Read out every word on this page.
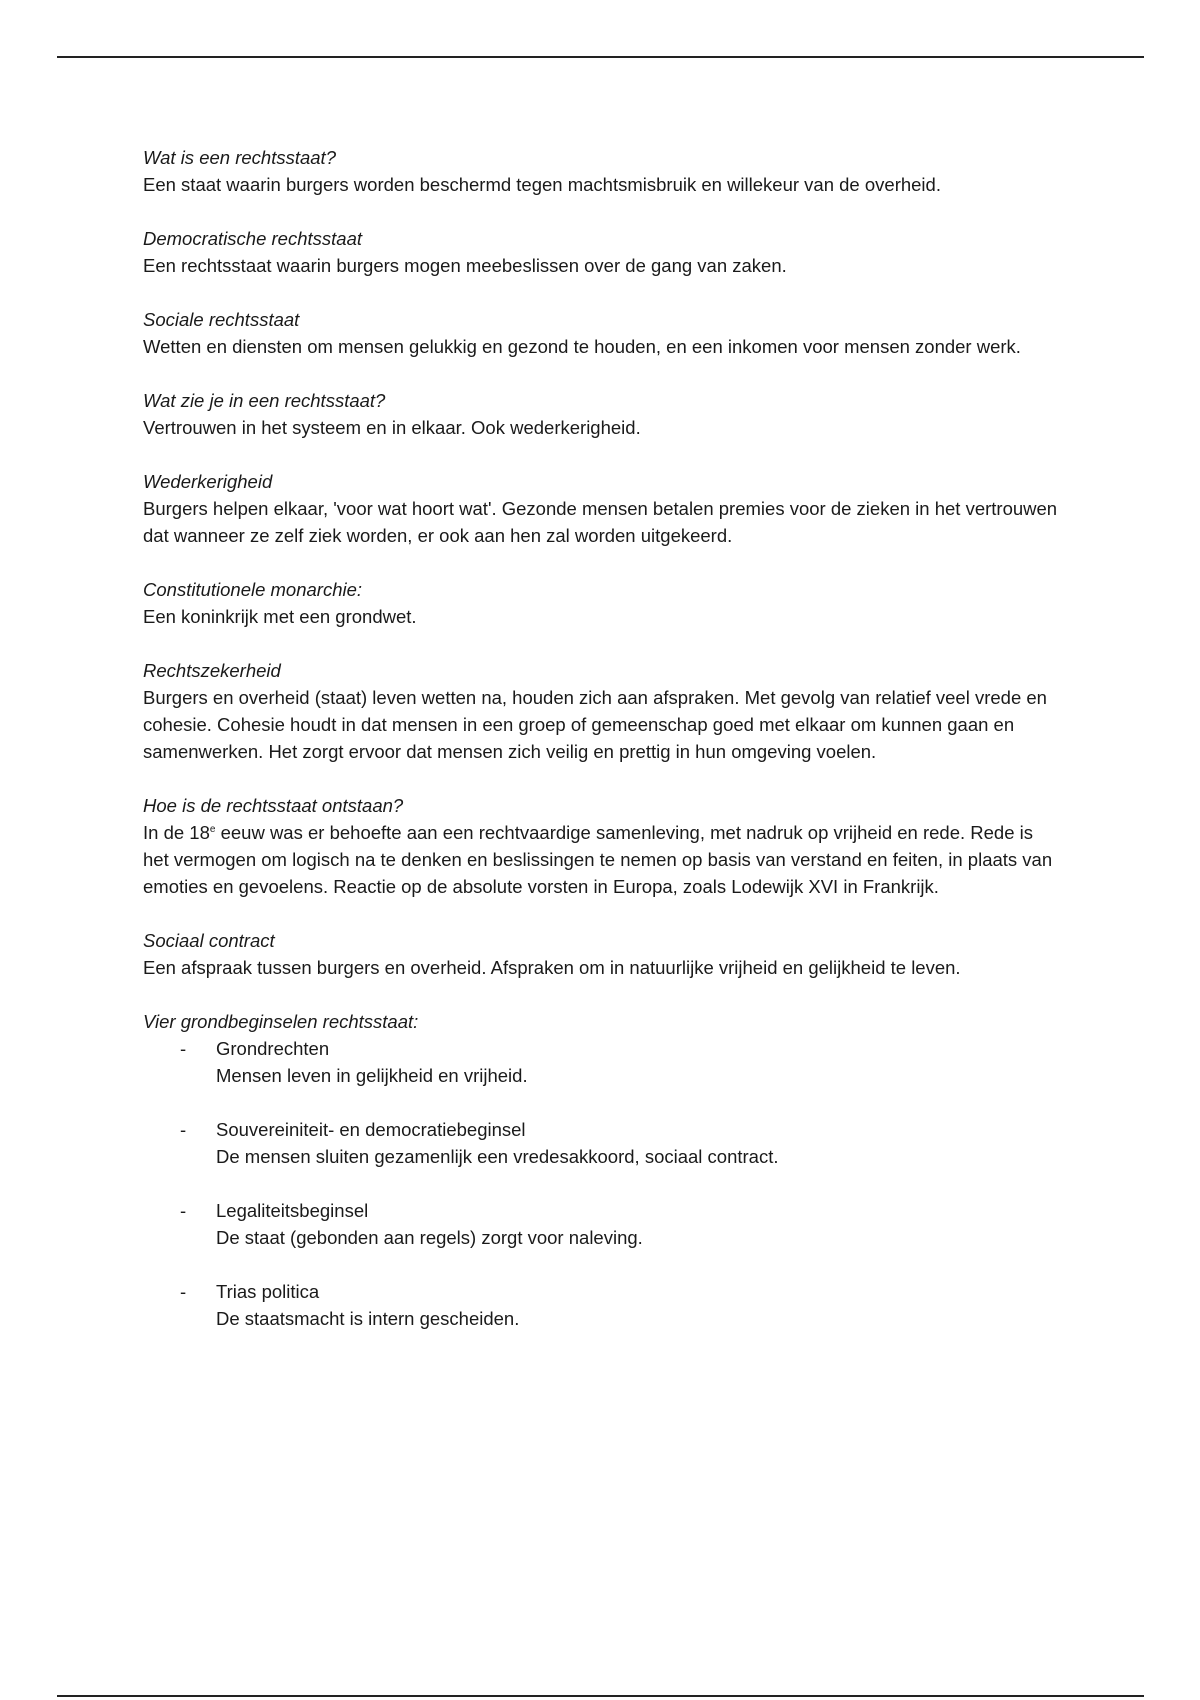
Wat is een rechtsstaat?
Een staat waarin burgers worden beschermd tegen machtsmisbruik en willekeur van de overheid.
Democratische rechtsstaat
Een rechtsstaat waarin burgers mogen meebeslissen over de gang van zaken.
Sociale rechtsstaat
Wetten en diensten om mensen gelukkig en gezond te houden, en een inkomen voor mensen zonder werk.
Wat zie je in een rechtsstaat?
Vertrouwen in het systeem en in elkaar. Ook wederkerigheid.
Wederkerigheid
Burgers helpen elkaar, 'voor wat hoort wat'. Gezonde mensen betalen premies voor de zieken in het vertrouwen dat wanneer ze zelf ziek worden, er ook aan hen zal worden uitgekeerd.
Constitutionele monarchie:
Een koninkrijk met een grondwet.
Rechtszekerheid
Burgers en overheid (staat) leven wetten na, houden zich aan afspraken. Met gevolg van relatief veel vrede en cohesie. Cohesie houdt in dat mensen in een groep of gemeenschap goed met elkaar om kunnen gaan en samenwerken. Het zorgt ervoor dat mensen zich veilig en prettig in hun omgeving voelen.
Hoe is de rechtsstaat ontstaan?
In de 18e eeuw was er behoefte aan een rechtvaardige samenleving, met nadruk op vrijheid en rede. Rede is het vermogen om logisch na te denken en beslissingen te nemen op basis van verstand en feiten, in plaats van emoties en gevoelens. Reactie op de absolute vorsten in Europa, zoals Lodewijk XVI in Frankrijk.
Sociaal contract
Een afspraak tussen burgers en overheid. Afspraken om in natuurlijke vrijheid en gelijkheid te leven.
Vier grondbeginselen rechtsstaat:
- Grondrechten
Mensen leven in gelijkheid en vrijheid.
- Souvereiniteit- en democratiebeginsel
De mensen sluiten gezamenlijk een vredesakkoord, sociaal contract.
- Legaliteitsbeginsel
De staat (gebonden aan regels) zorgt voor naleving.
- Trias politica
De staatsmacht is intern gescheiden.
